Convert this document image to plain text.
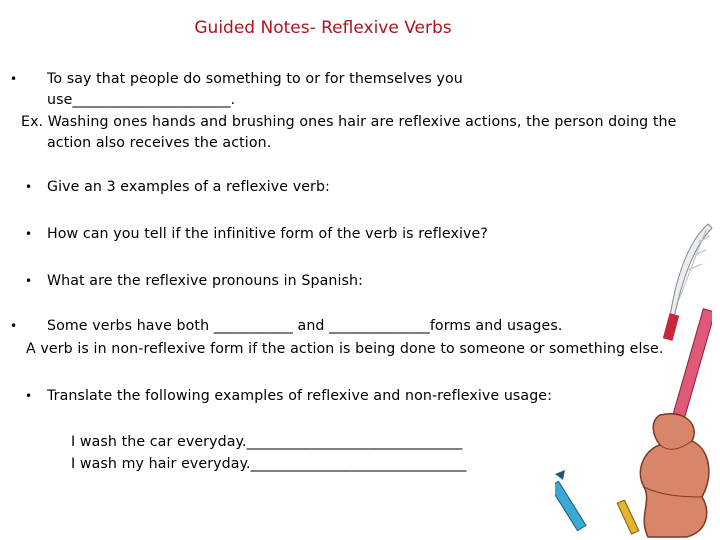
Guided Notes- Reflexive Verbs
• To say that people do something to or for themselves you
use______________________.
Ex. Washing ones hands and brushing ones hair are reflexive actions, the person doing the
action also receives the action.
• Give an 3 examples of a reflexive verb:
• How can you tell if the infinitive form of the verb is reflexive?
• What are the reflexive pronouns in Spanish:
• Some verbs have both ___________ and ______________forms and usages.
A verb is in non-reflexive form if the action is being done to someone or something else.
• Translate the following examples of reflexive and non-reflexive usage:
I wash the car everyday.______________________________
I wash my hair everyday.______________________________
